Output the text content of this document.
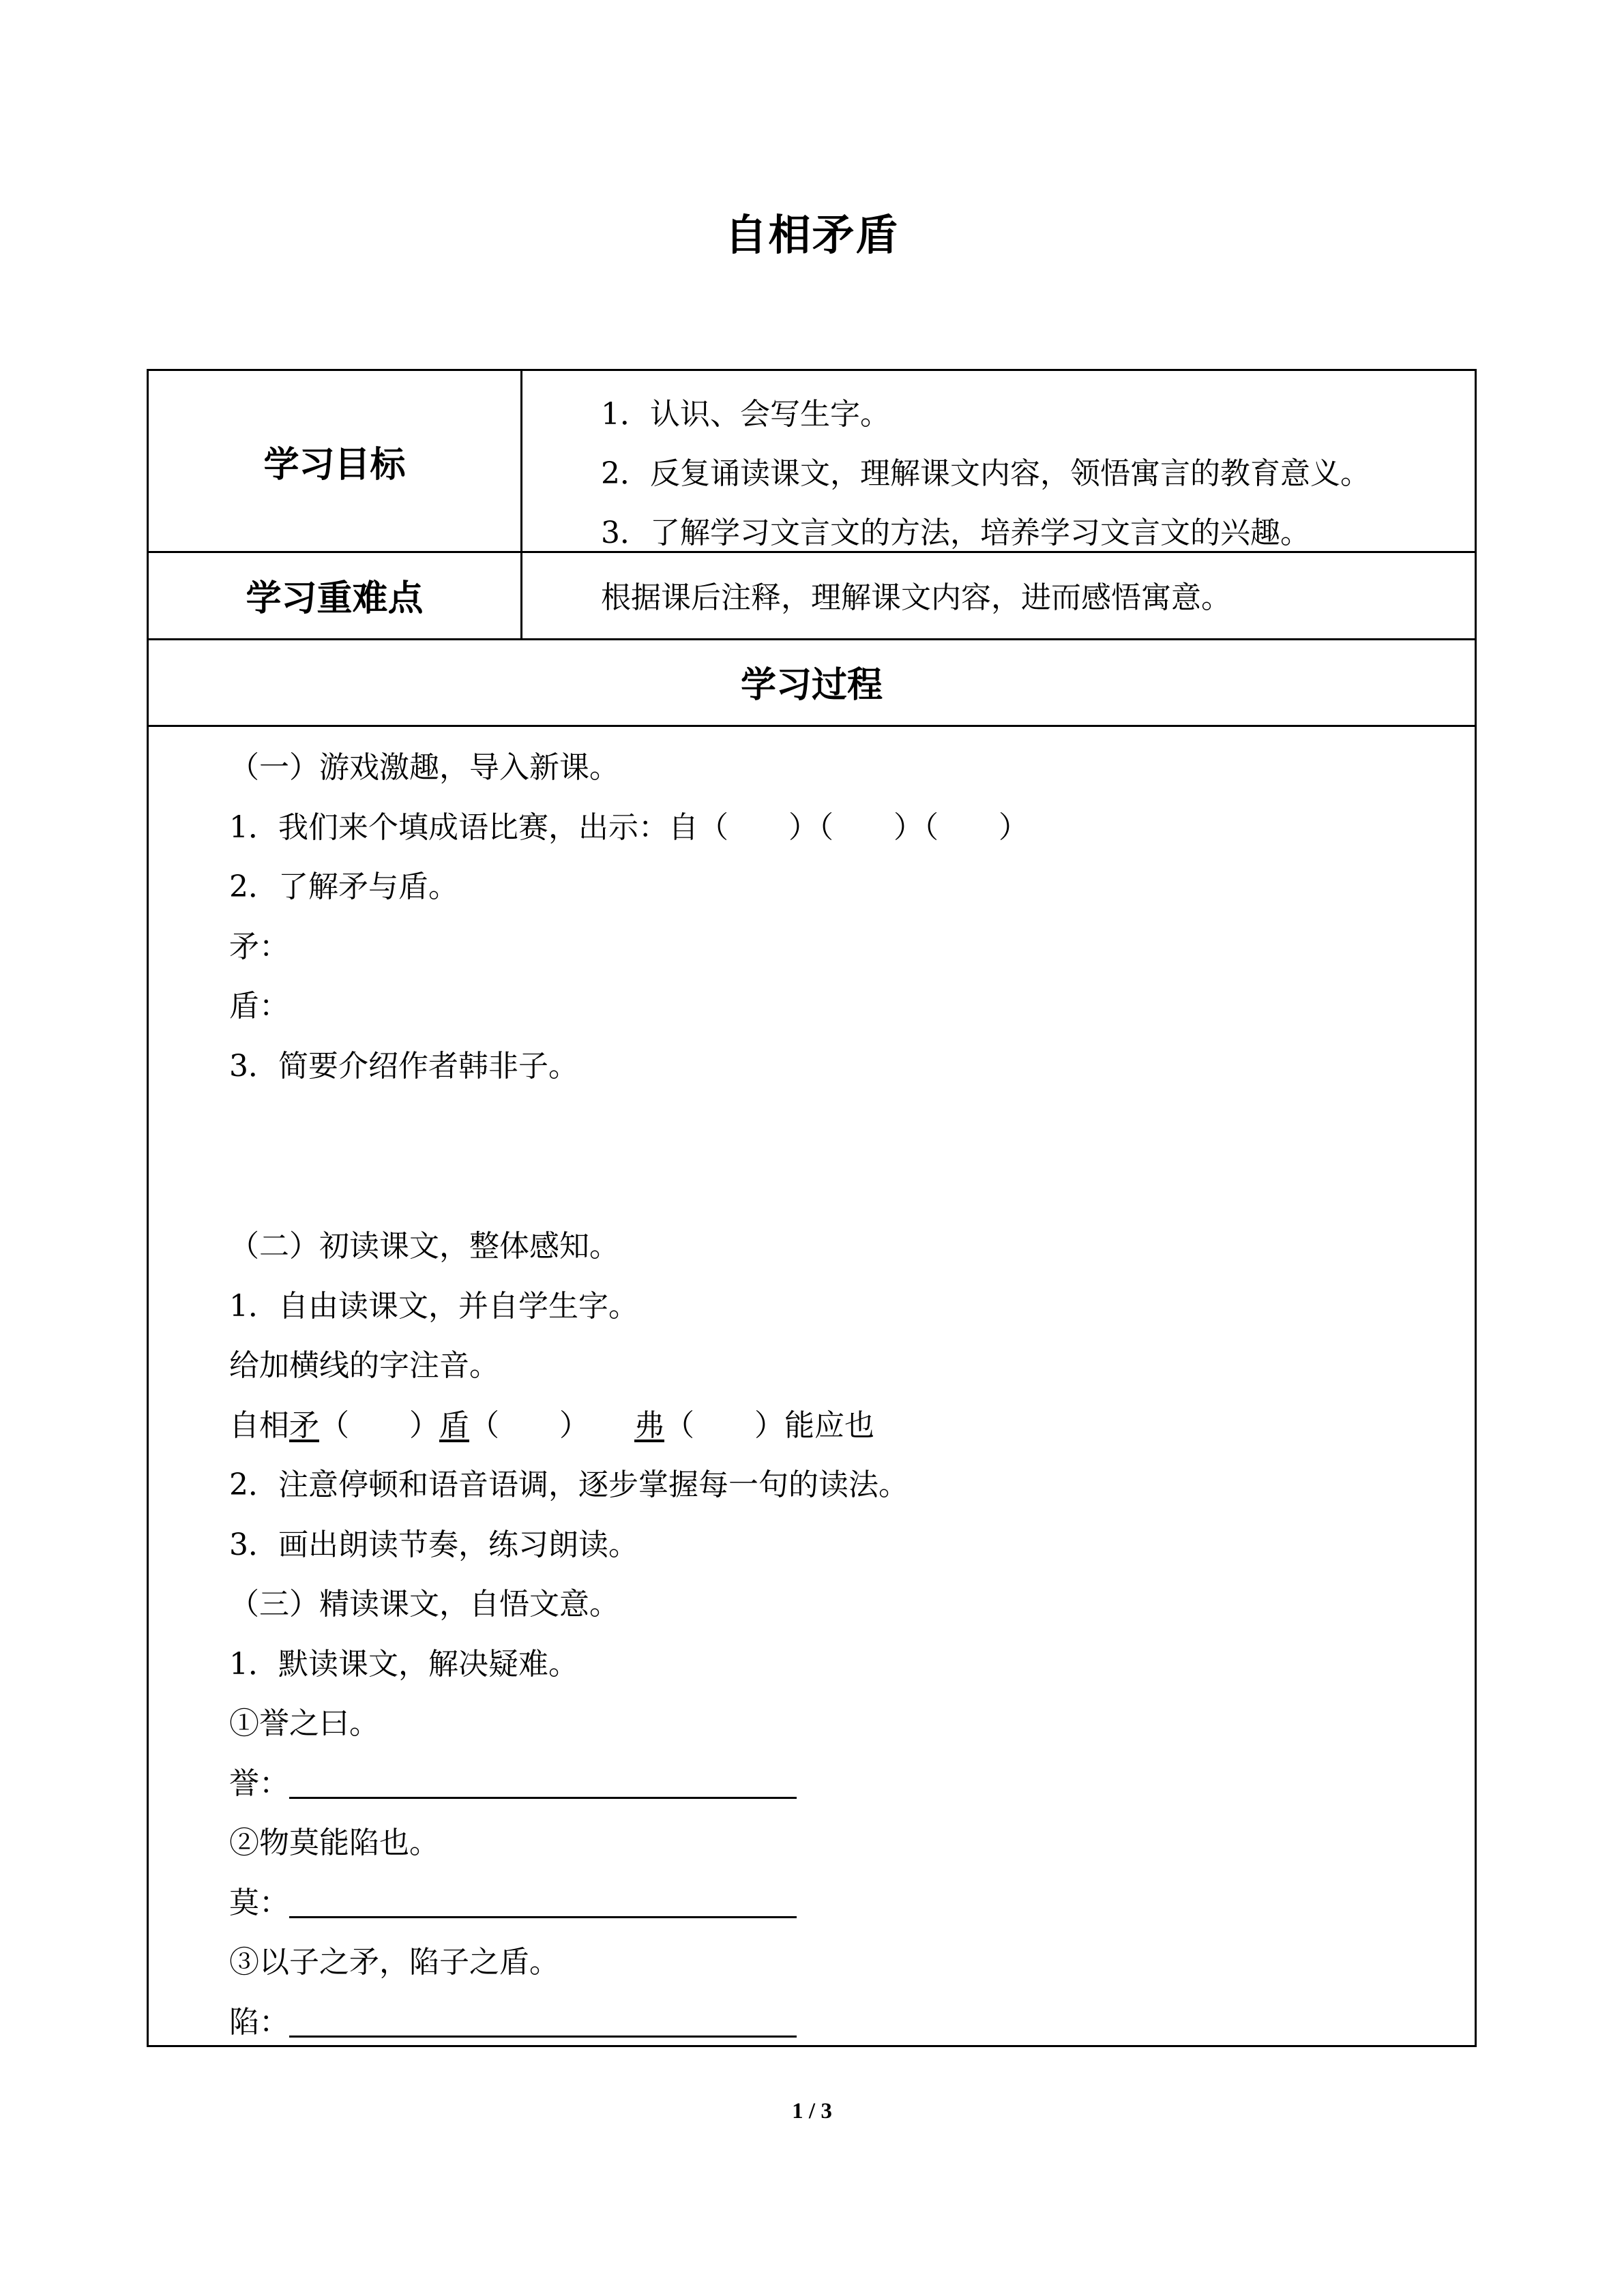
自相矛盾
学习目标
1．认识、会写生字。
2．反复诵读课文，理解课文内容，领悟寓言的教育意义。
3．了解学习文言文的方法，培养学习文言文的兴趣。
学习重难点	根据课后注释，理解课文内容，进而感悟寓意。
学习过程
（一）游戏激趣，导入新课。
1．我们来个填成语比赛，出示：自（　　）（　　）（　　）
2．了解矛与盾。
矛：
盾：
3．简要介绍作者韩非子。
（二）初读课文，整体感知。
1．自由读课文，并自学生字。
给加横线的字注音。
自相矛（　　）盾（　　）　　弗（　　）能应也
2．注意停顿和语音语调，逐步掌握每一句的读法。
3．画出朗读节奏，练习朗读。
（三）精读课文，自悟文意。
1．默读课文，解决疑难。
①誉之曰。
誉：
②物莫能陷也。
莫：
③以子之矛，陷子之盾。
陷：
1 / 3
